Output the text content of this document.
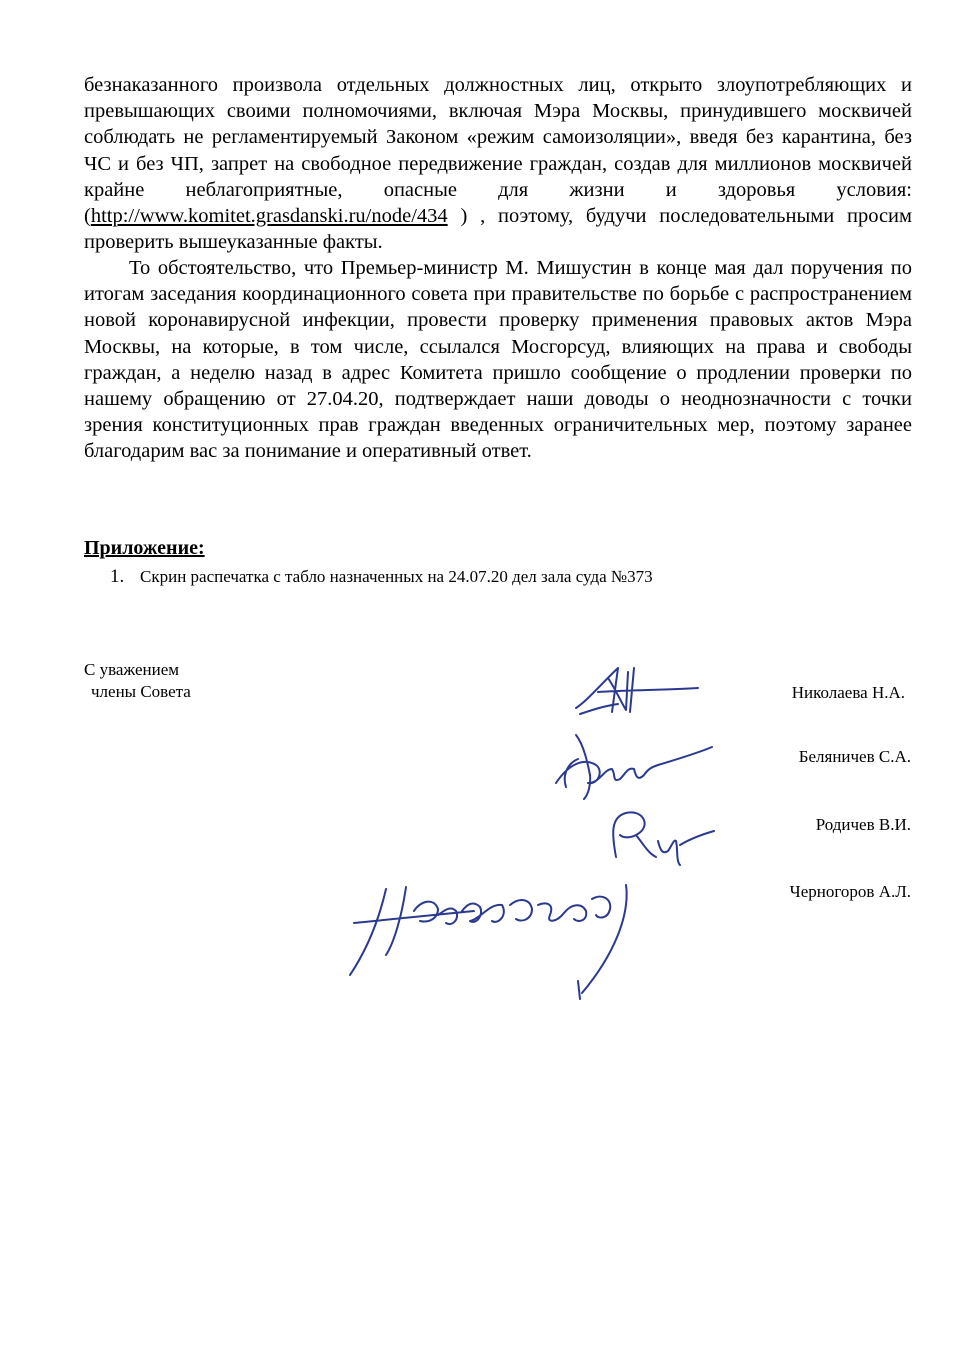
безнаказанного произвола отдельных должностных лиц, открыто злоупотребляющих и превышающих своими полномочиями, включая Мэра Москвы, принудившего москвичей соблюдать не регламентируемый Законом «режим самоизоляции», введя без карантина, без ЧС и без ЧП, запрет на свободное передвижение граждан, создав для миллионов москвичей крайне неблагоприятные, опасные для жизни и здоровья условия: (http://www.komitet.grasdanski.ru/node/434 ) , поэтому, будучи последовательными просим проверить вышеуказанные факты.

То обстоятельство, что Премьер-министр М. Мишустин в конце мая дал поручения по итогам заседания координационного совета при правительстве по борьбе с распространением новой коронавирусной инфекции, провести проверку применения правовых актов Мэра Москвы, на которые, в том числе, ссылался Мосгорсуд, влияющих на права и свободы граждан, а неделю назад в адрес Комитета пришло сообщение о продлении проверки по нашему обращению от 27.04.20, подтверждает наши доводы о неоднозначности с точки зрения конституционных прав граждан введенных ограничительных мер, поэтому заранее благодарим вас за понимание и оперативный ответ.

Приложение:
1. Скрин распечатка с табло назначенных на 24.07.20 дел зала суда №373
С уважением
члены Совета	Николаева Н.А.
Беляничев С.А.
Родичев В.И.
Черногоров А.Л.
